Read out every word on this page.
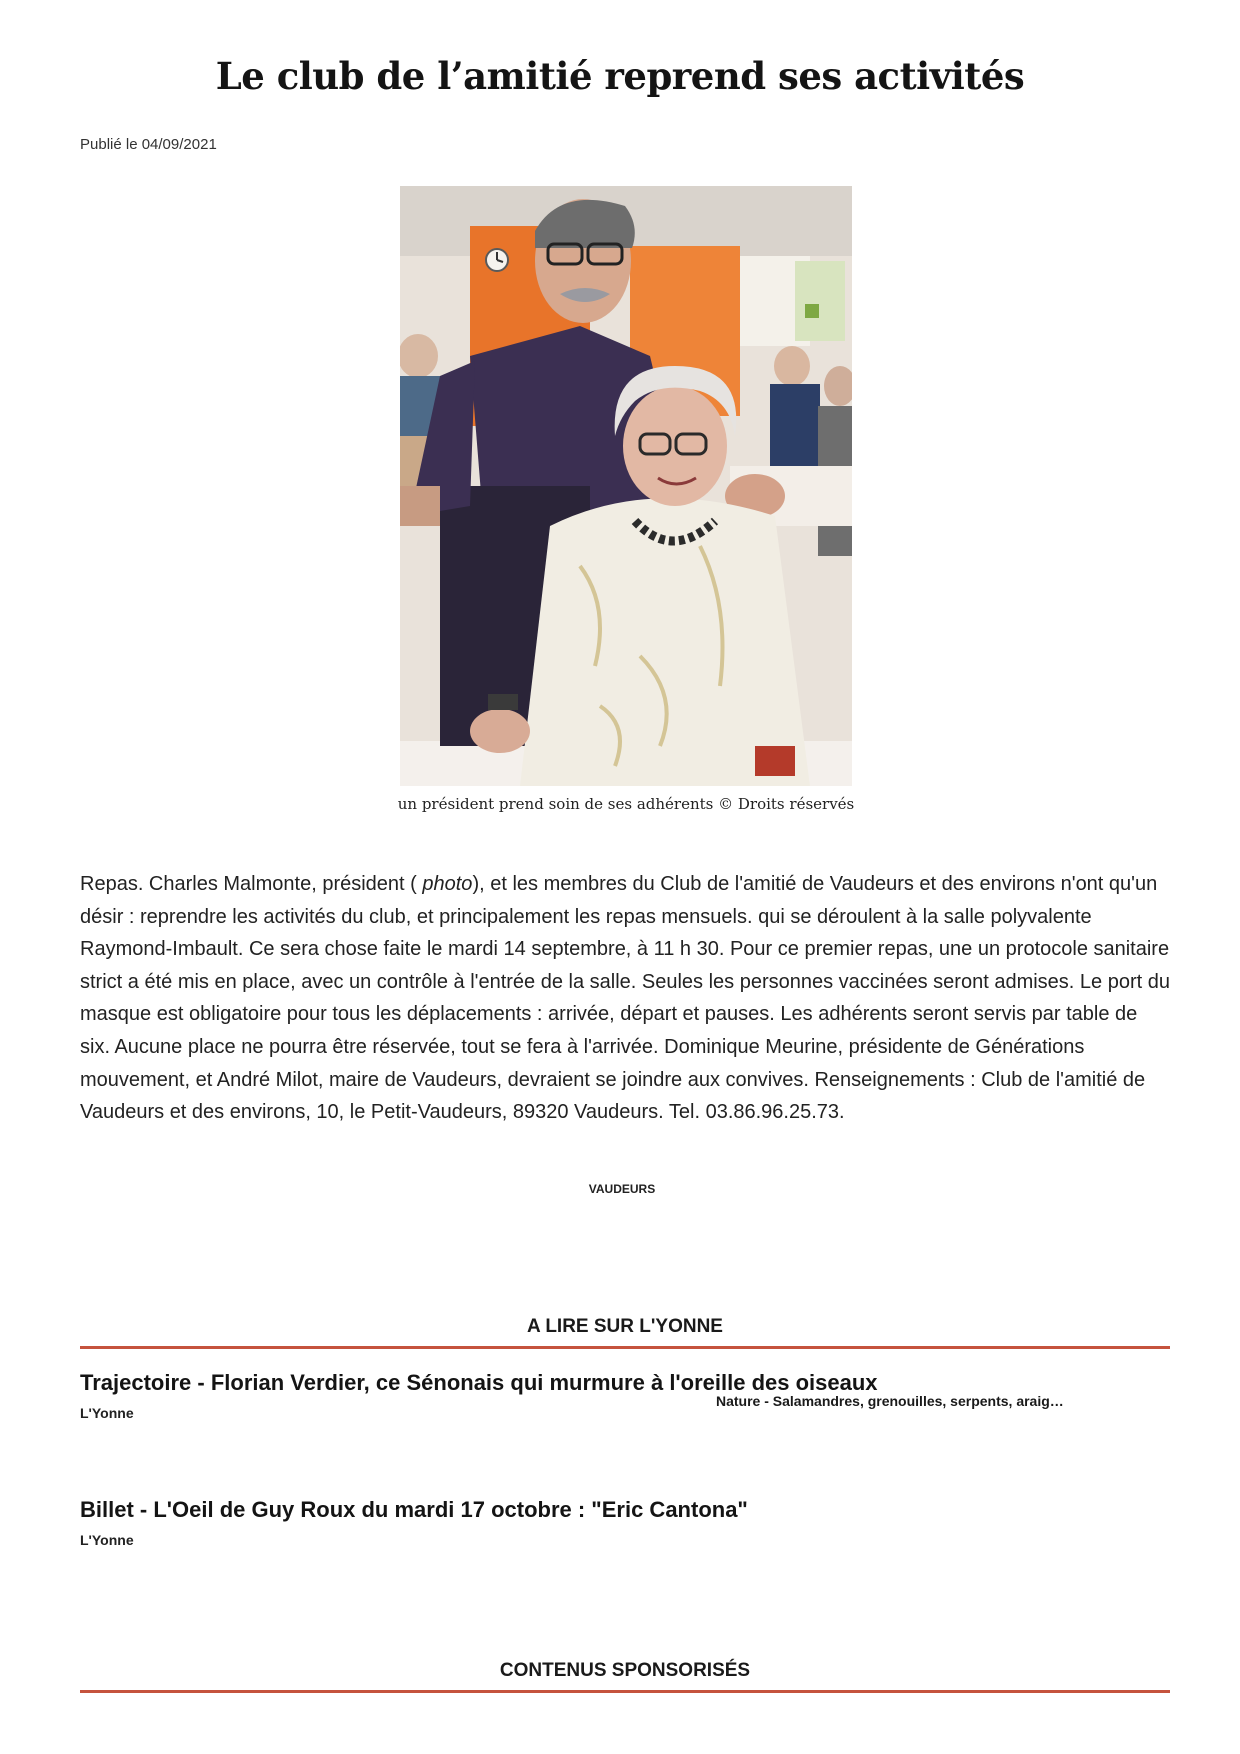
Le club de l’amitié reprend ses activités
Publié le 04/09/2021
un président prend soin de ses adhérents © Droits réservés

Repas. Charles Malmonte, président ( photo), et les membres du Club de l'amitié de Vaudeurs et des environs n'ont qu'un désir : reprendre les activités du club, et principalement les repas mensuels. qui se déroulent à la salle polyvalente Raymond-Imbault. Ce sera chose faite le mardi 14 septembre, à 11 h 30. Pour ce premier repas, une un protocole sanitaire strict a été mis en place, avec un contrôle à l'entrée de la salle. Seules les personnes vaccinées seront admises. Le port du masque est obligatoire pour tous les déplacements : arrivée, départ et pauses. Les adhérents seront servis par table de six. Aucune place ne pourra être réservée, tout se fera à l'arrivée. Dominique Meurine, présidente de Générations mouvement, et André Milot, maire de Vaudeurs, devraient se joindre aux convives. Renseignements : Club de l'amitié de Vaudeurs et des environs, 10, le Petit-Vaudeurs, 89320 Vaudeurs. Tel. 03.86.96.25.73.

VAUDEURS
A LIRE SUR L'YONNE
Trajectoire - Florian Verdier, ce Sénonais qui murmure à l'oreille des oiseaux
L'Yonne
Nature - Salamandres, grenouilles, serpents, araig…
Billet - L'Oeil de Guy Roux du mardi 17 octobre : "Eric Cantona"
L'Yonne
CONTENUS SPONSORISÉS
